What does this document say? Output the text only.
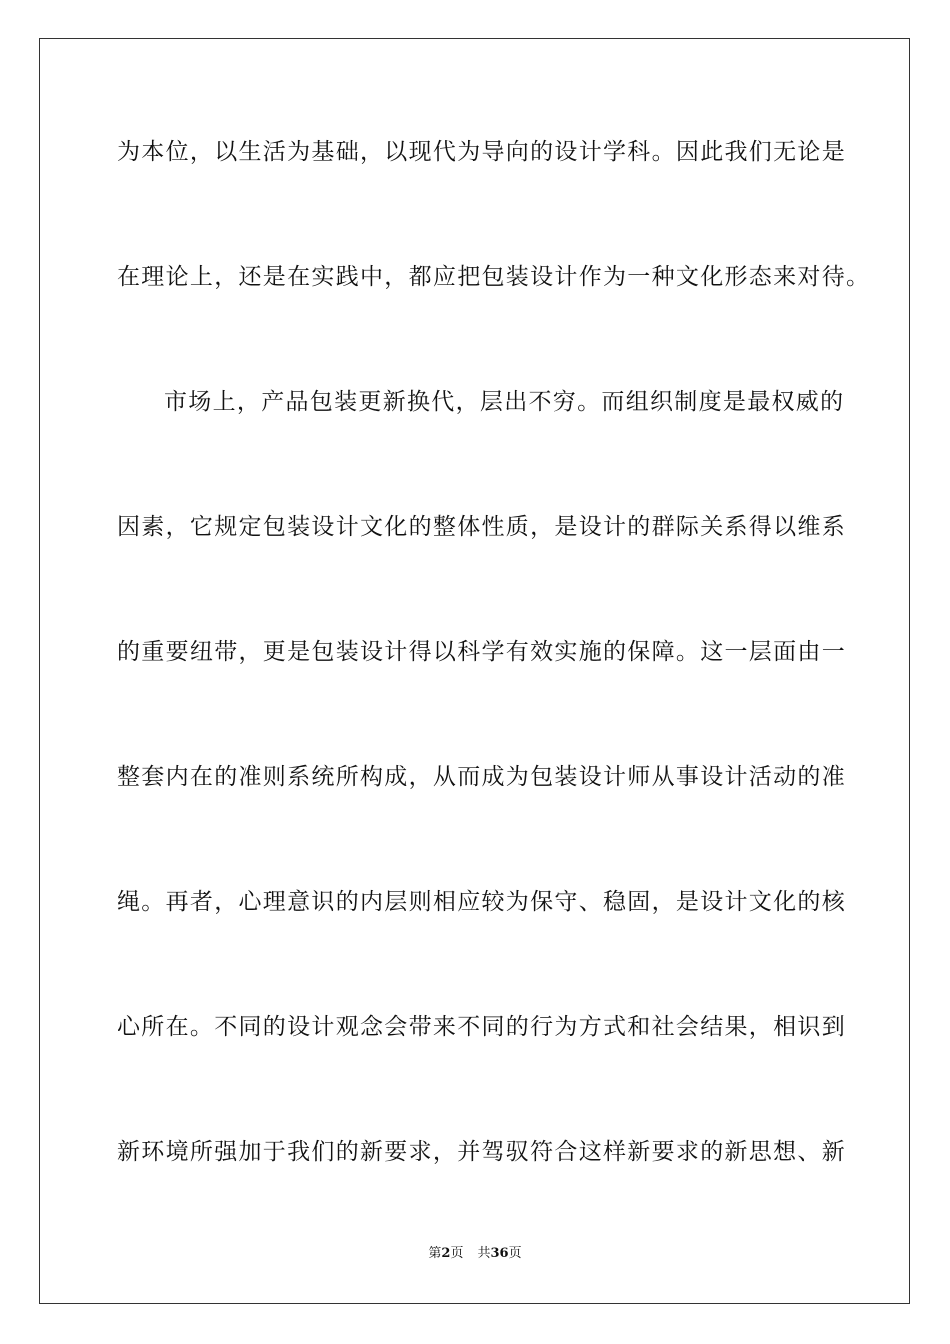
为本位，以生活为基础，以现代为导向的设计学科。因此我们无论是
在理论上，还是在实践中，都应把包装设计作为一种文化形态来对待。
市场上，产品包装更新换代，层出不穷。而组织制度是最权威的
因素，它规定包装设计文化的整体性质，是设计的群际关系得以维系
的重要纽带，更是包装设计得以科学有效实施的保障。这一层面由一
整套内在的准则系统所构成，从而成为包装设计师从事设计活动的准
绳。再者，心理意识的内层则相应较为保守、稳固，是设计文化的核
心所在。不同的设计观念会带来不同的行为方式和社会结果，相识到
新环境所强加于我们的新要求，并驾驭符合这样新要求的新思想、新
第2页 共36页
